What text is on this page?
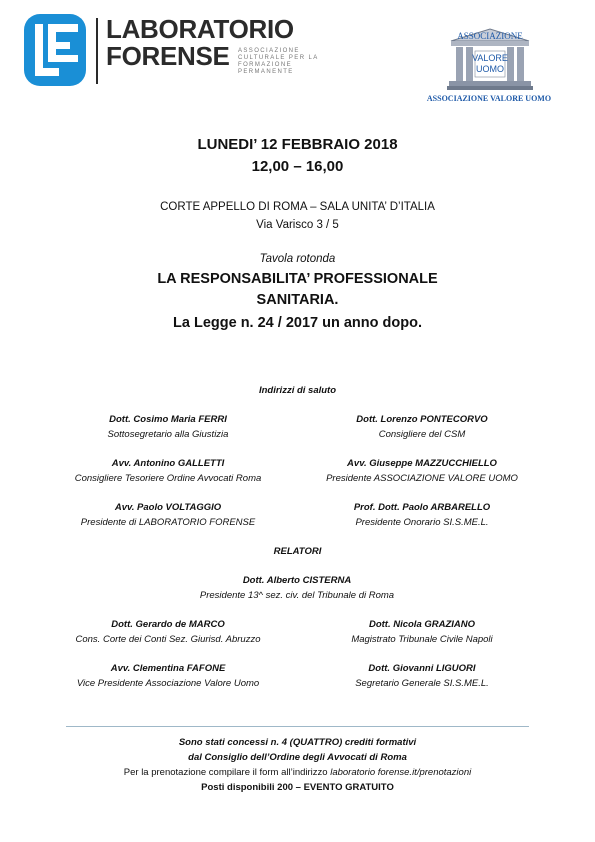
L	LABORATORIO
FORENSE	ASSOCIAZIONE CULTURALE PER LA FORMAZIONE PERMANENTE
ASSOCIAZIONE
VALORE
UOMO
ASSOCIAZIONE VALORE UOMO
LUNEDI’ 12 FEBBRAIO 2018
12,00 – 16,00
CORTE APPELLO DI ROMA – SALA UNITA’ D’ITALIA
Via Varisco 3 / 5
Tavola rotonda
LA RESPONSABILITA’ PROFESSIONALE
SANITARIA.
La Legge n. 24 / 2017 un anno dopo.
Indirizzi di saluto
Dott. Cosimo Maria FERRI
Sottosegretario alla Giustizia
Dott. Lorenzo PONTECORVO
Consigliere del CSM
Avv. Antonino GALLETTI
Consigliere Tesoriere Ordine Avvocati Roma
Avv. Giuseppe MAZZUCCHIELLO
Presidente ASSOCIAZIONE VALORE UOMO
Avv. Paolo VOLTAGGIO
Presidente di LABORATORIO FORENSE
Prof. Dott. Paolo ARBARELLO
Presidente Onorario SI.S.ME.L.
RELATORI
Dott. Alberto CISTERNA
Presidente 13^ sez. civ. del Tribunale di Roma
Dott. Gerardo de MARCO
Cons. Corte dei Conti Sez. Giurisd. Abruzzo
Dott. Nicola GRAZIANO
Magistrato Tribunale Civile Napoli
Avv. Clementina FAFONE
Vice Presidente Associazione Valore Uomo
Dott. Giovanni LIGUORI
Segretario Generale SI.S.ME.L.
Sono stati concessi n. 4 (QUATTRO) crediti formativi
dal Consiglio dell’Ordine degli Avvocati di Roma
Per la prenotazione compilare il form all’indirizzo laboratorio forense.it/prenotazioni
Posti disponibili 200 – EVENTO GRATUITO
